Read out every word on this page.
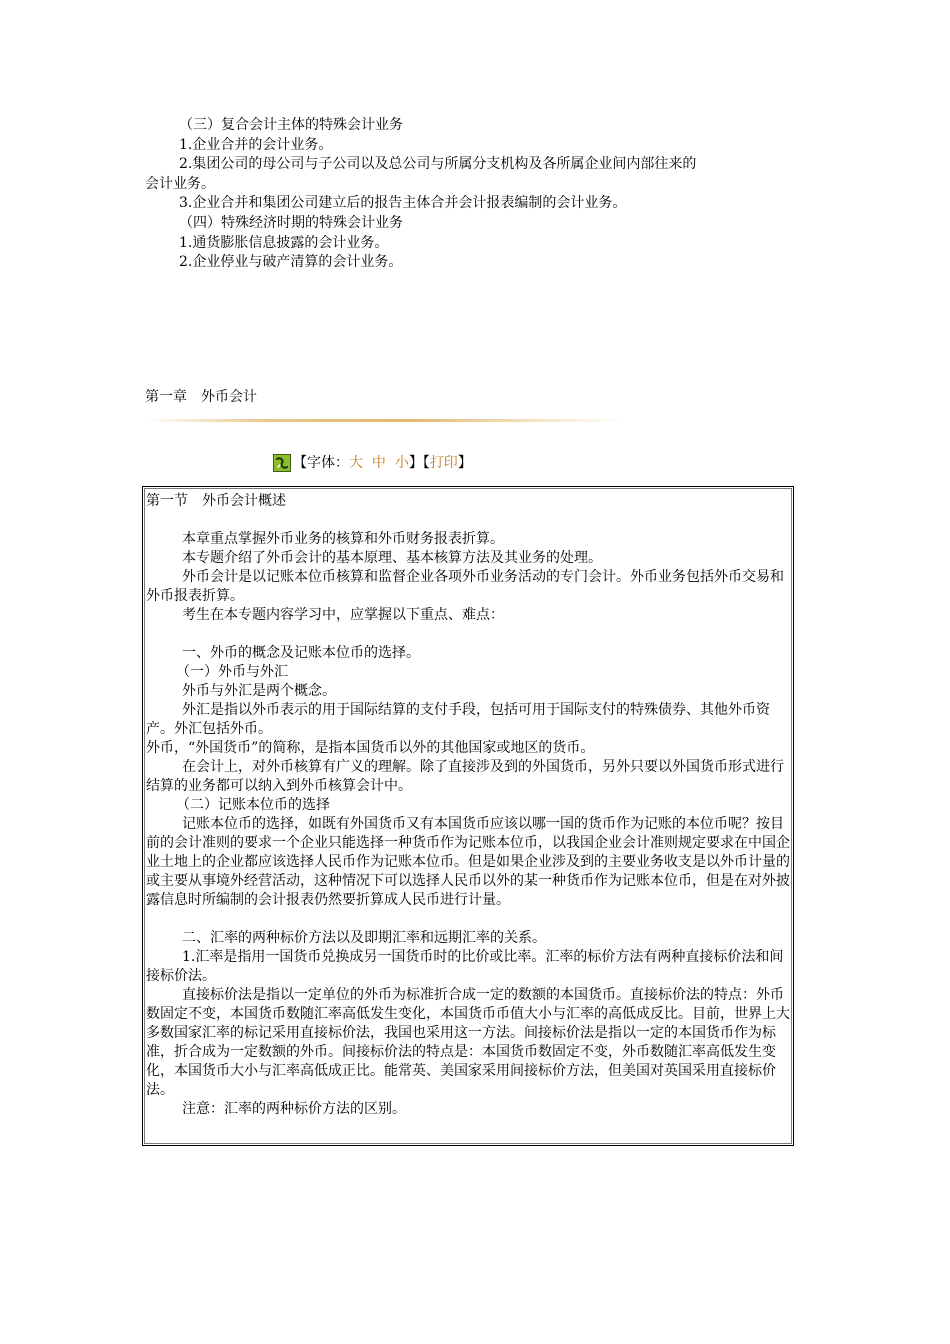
（三）复合会计主体的特殊会计业务
1.企业合并的会计业务。
2.集团公司的母公司与子公司以及总公司与所属分支机构及各所属企业间内部往来的
会计业务。
3.企业合并和集团公司建立后的报告主体合并会计报表编制的会计业务。
（四）特殊经济时期的特殊会计业务
1.通货膨胀信息披露的会计业务。
2.企业停业与破产清算的会计业务。
第一章　外币会计
【字体： 大
中
小 】【 打印 】
第一节　外币会计概述
本章重点掌握外币业务的核算和外币财务报表折算。
本专题介绍了外币会计的基本原理、基本核算方法及其业务的处理。
外币会计是以记账本位币核算和监督企业各项外币业务活动的专门会计。外币业务包括外币交易和外币报表折算。
考生在本专题内容学习中，应掌握以下重点、难点：
一、外币的概念及记账本位币的选择。
（一）外币与外汇
外币与外汇是两个概念。
外汇是指以外币表示的用于国际结算的支付手段，包括可用于国际支付的特殊债券、其他外币资产。外汇包括外币。
外币，“外国货币”的简称，是指本国货币以外的其他国家或地区的货币。
在会计上，对外币核算有广义的理解。除了直接涉及到的外国货币，另外只要以外国货币形式进行结算的业务都可以纳入到外币核算会计中。
（二）记账本位币的选择
记账本位币的选择，如既有外国货币又有本国货币应该以哪一国的货币作为记账的本位币呢？按目前的会计准则的要求一个企业只能选择一种货币作为记账本位币，以我国企业会计准则规定要求在中国企业土地上的企业都应该选择人民币作为记账本位币。但是如果企业涉及到的主要业务收支是以外币计量的或主要从事境外经营活动，这种情况下可以选择人民币以外的某一种货币作为记账本位币，但是在对外披露信息时所编制的会计报表仍然要折算成人民币进行计量。
二、汇率的两种标价方法以及即期汇率和远期汇率的关系。
1.汇率是指用一国货币兑换成另一国货币时的比价或比率。汇率的标价方法有两种直接标价法和间接标价法。
直接标价法是指以一定单位的外币为标准折合成一定的数额的本国货币。直接标价法的特点：外币数固定不变，本国货币数随汇率高低发生变化，本国货币币值大小与汇率的高低成反比。目前，世界上大多数国家汇率的标记采用直接标价法，我国也采用这一方法。间接标价法是指以一定的本国货币作为标准，折合成为一定数额的外币。间接标价法的特点是：本国货币数固定不变，外币数随汇率高低发生变化，本国货币大小与汇率高低成正比。能常英、美国家采用间接标价方法，但美国对英国采用直接标价法。
注意：汇率的两种标价方法的区别。
